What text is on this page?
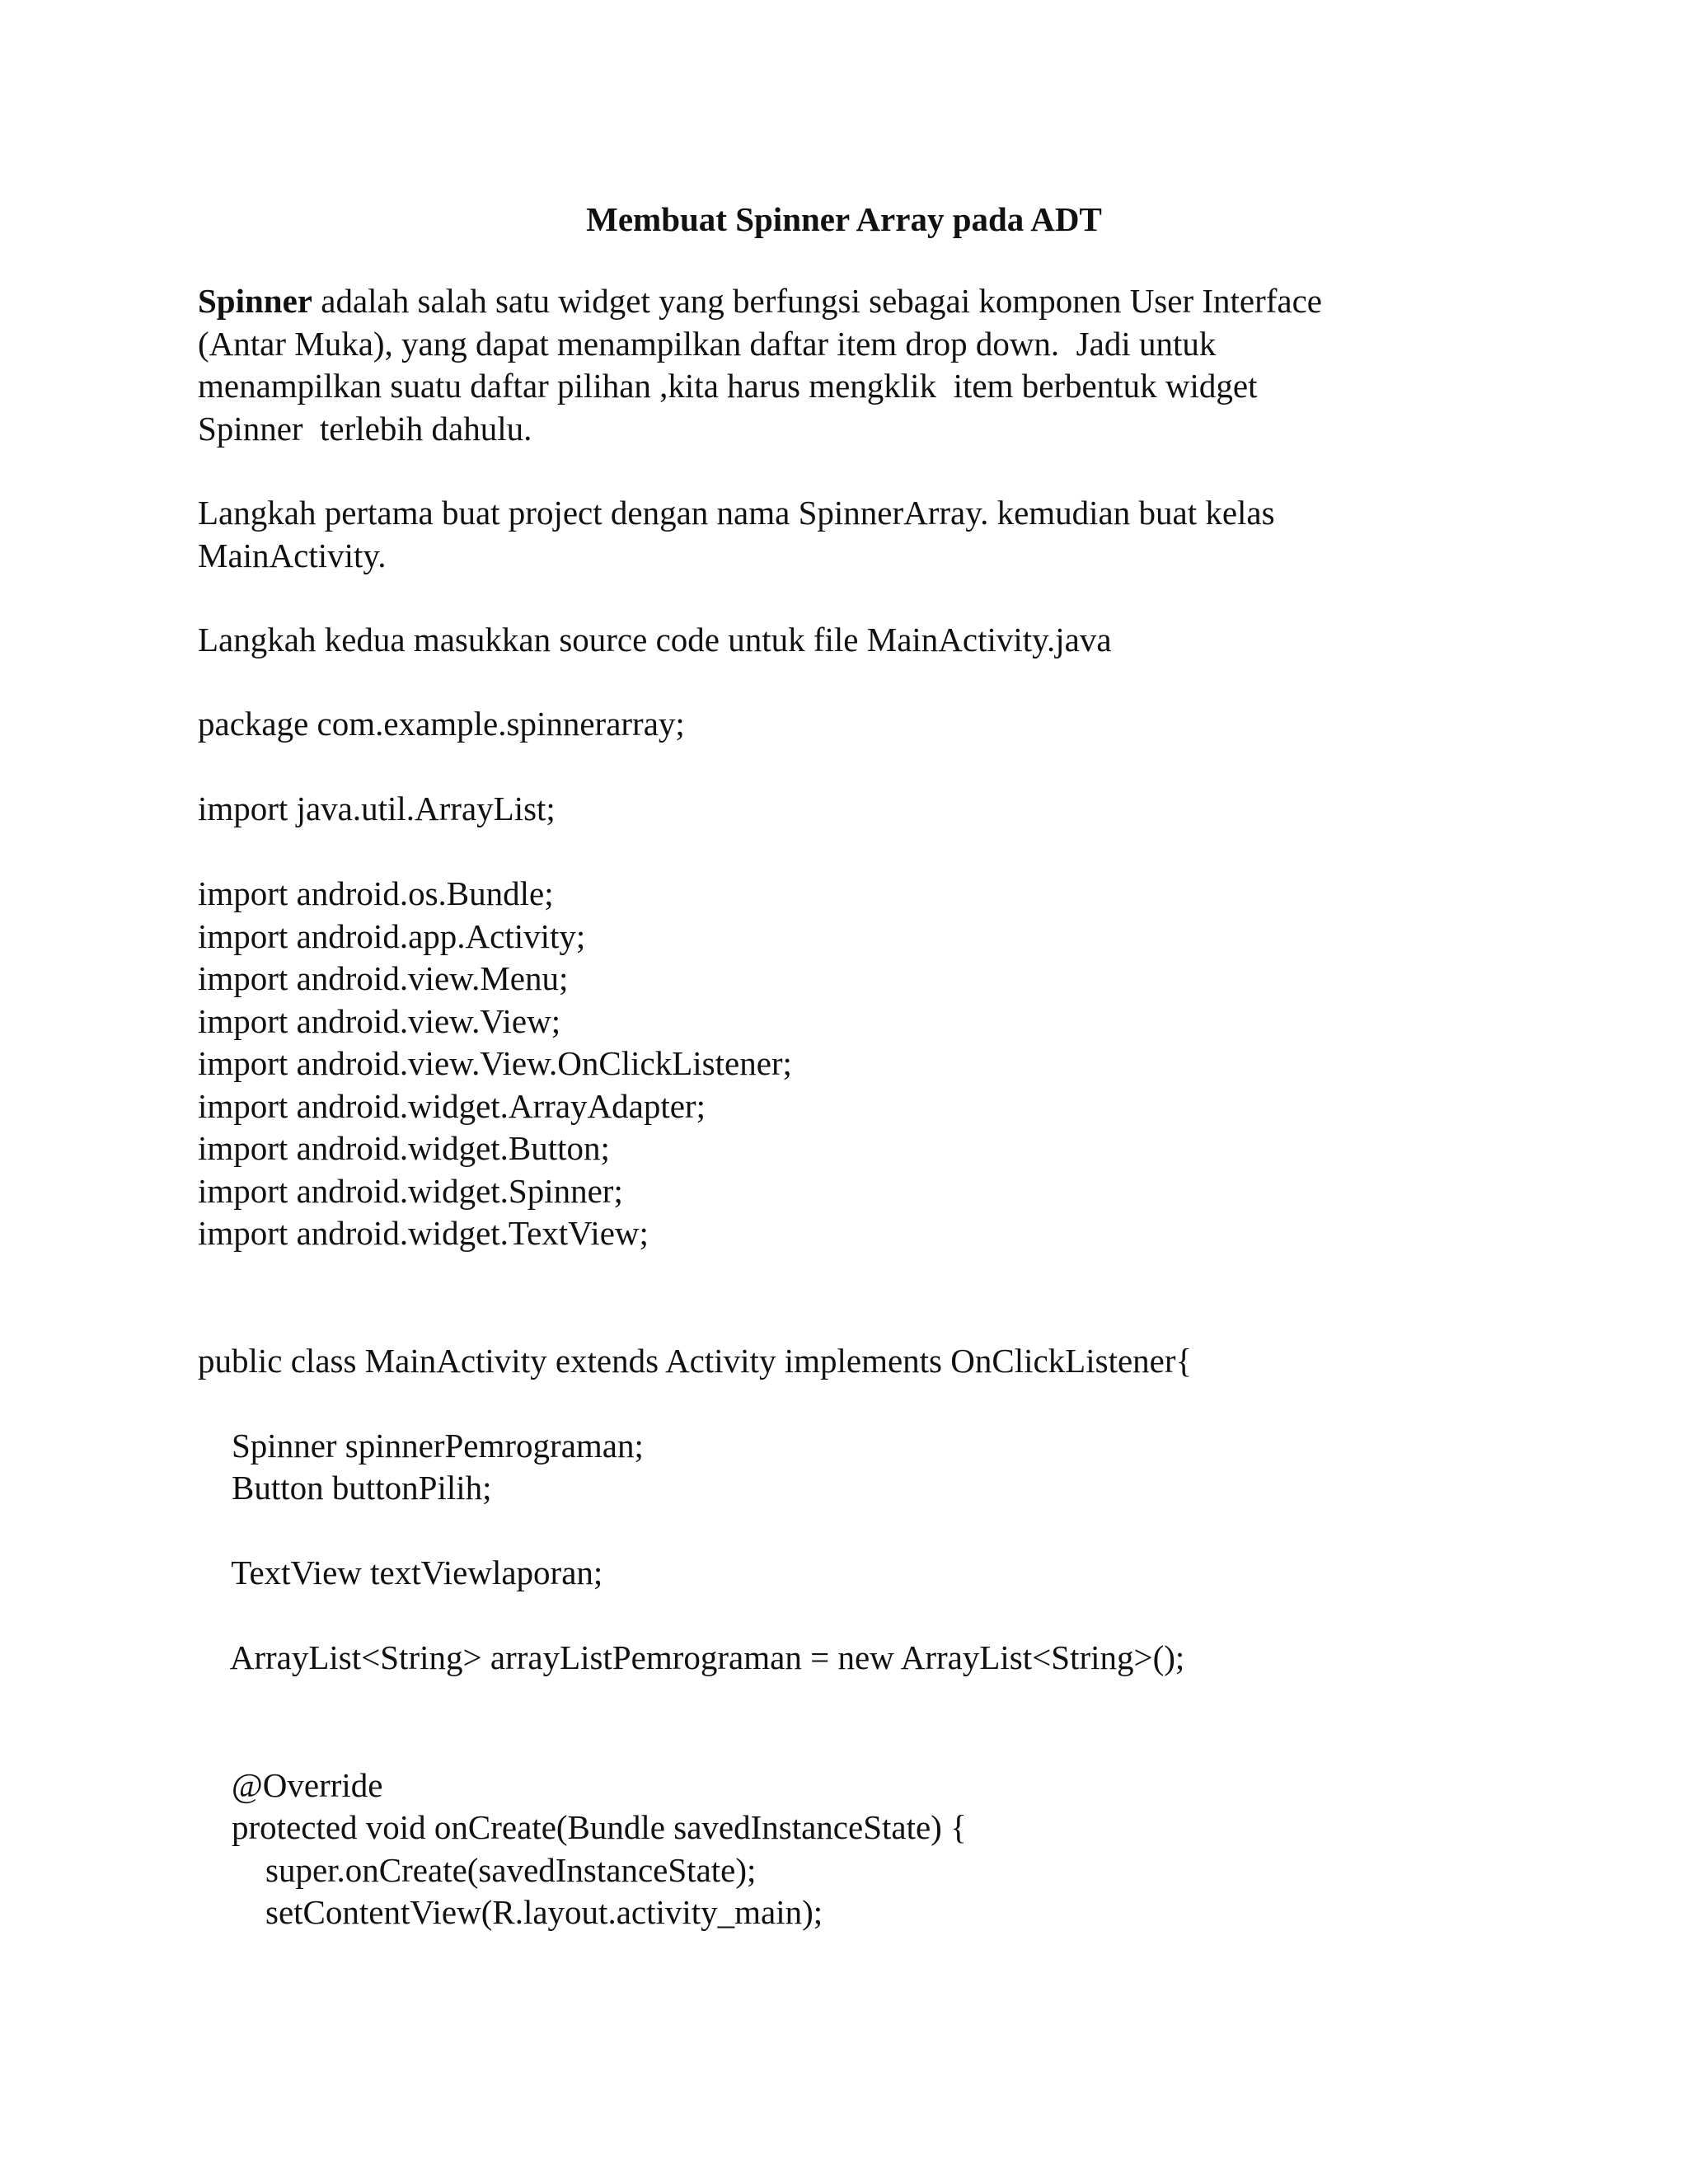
Membuat Spinner Array pada ADT

Spinner adalah salah satu widget yang berfungsi sebagai komponen User Interface
(Antar Muka), yang dapat menampilkan daftar item drop down.  Jadi untuk
menampilkan suatu daftar pilihan ,kita harus mengklik  item berbentuk widget
Spinner  terlebih dahulu.

Langkah pertama buat project dengan nama SpinnerArray. kemudian buat kelas
MainActivity.

Langkah kedua masukkan source code untuk file MainActivity.java

package com.example.spinnerarray;
import java.util.ArrayList;
import android.os.Bundle;
import android.app.Activity;
import android.view.Menu;
import android.view.View;
import android.view.View.OnClickListener;
import android.widget.ArrayAdapter;
import android.widget.Button;
import android.widget.Spinner;
import android.widget.TextView;
public class MainActivity extends Activity implements OnClickListener{
Spinner spinnerPemrograman;
Button buttonPilih;
TextView textViewlaporan;
ArrayList<String> arrayListPemrograman = new ArrayList<String>();
@Override
protected void onCreate(Bundle savedInstanceState) {
super.onCreate(savedInstanceState);
setContentView(R.layout.activity_main);
